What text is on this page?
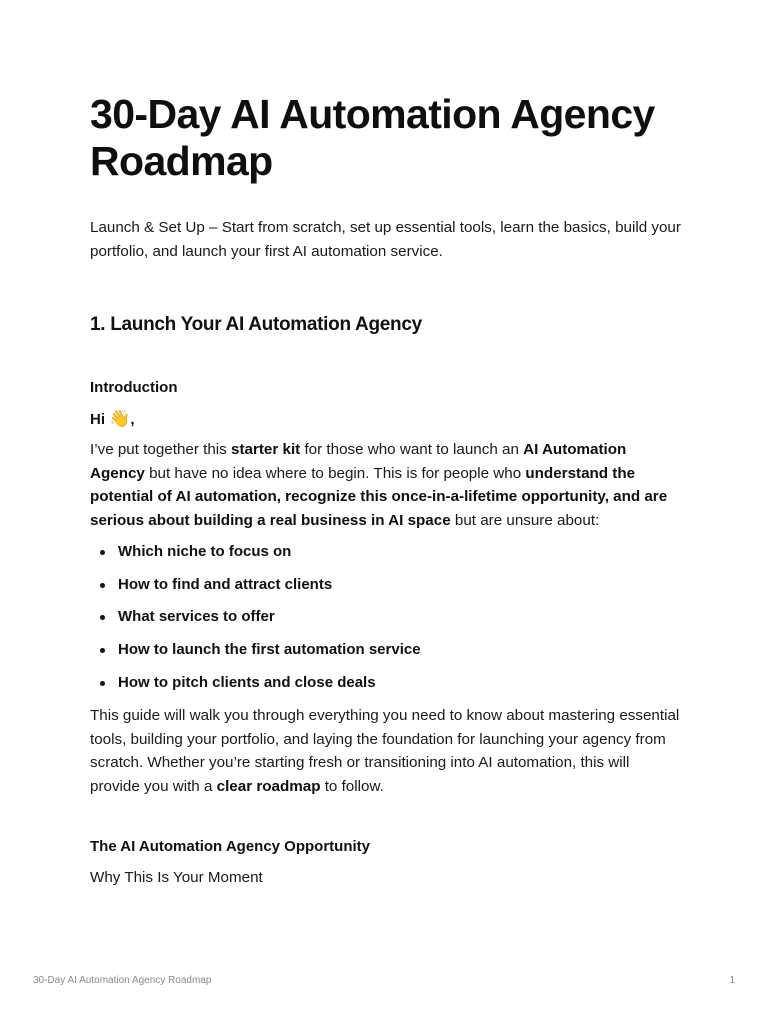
30-Day AI Automation Agency Roadmap

Launch & Set Up – Start from scratch, set up essential tools, learn the basics, build your portfolio, and launch your first AI automation service.

1. Launch Your AI Automation Agency
Introduction

Hi 👋,

I’ve put together this starter kit for those who want to launch an AI Automation Agency but have no idea where to begin. This is for people who understand the potential of AI automation, recognize this once-in-a-lifetime opportunity, and are serious about building a real business in AI space but are unsure about:

Which niche to focus on
How to find and attract clients
What services to offer
How to launch the first automation service
How to pitch clients and close deals

This guide will walk you through everything you need to know about mastering essential tools, building your portfolio, and laying the foundation for launching your agency from scratch. Whether you’re starting fresh or transitioning into AI automation, this will provide you with a clear roadmap to follow.

The AI Automation Agency Opportunity

Why This Is Your Moment

30-Day AI Automation Agency Roadmap	1
